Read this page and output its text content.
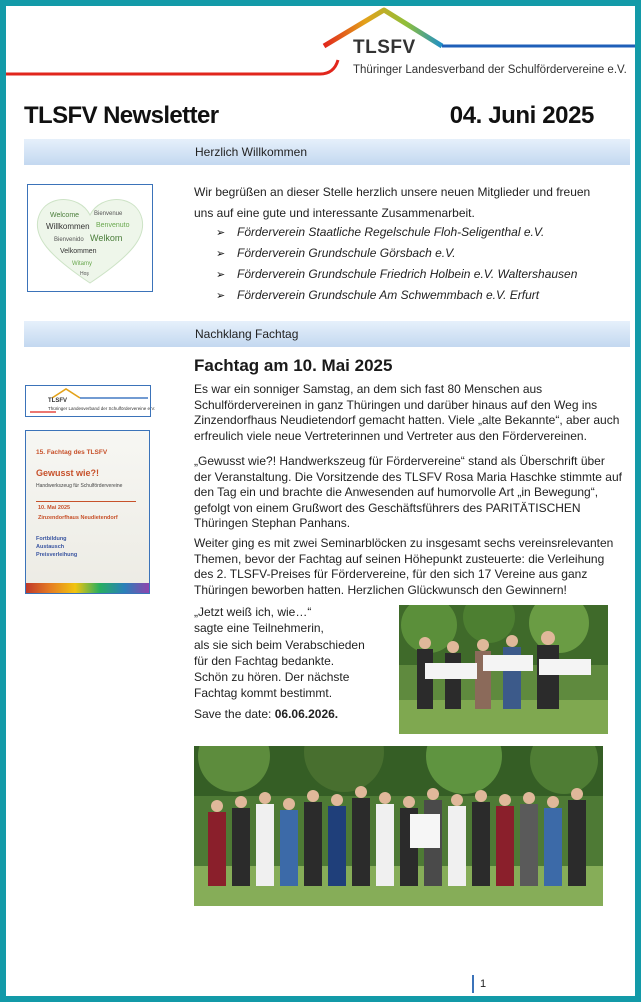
TLSFV
Thüringer Landesverband der Schulfördervereine e.V.
TLSFV Newsletter	04. Juni 2025
Herzlich Willkommen
Welcome Bienvenue
Willkommen Benvenuto
Bienvenido Welkom
Velkommen
Witamy
Hoş
Wir begrüßen an dieser Stelle herzlich unsere neuen Mitglieder und freuen
uns auf eine gute und interessante Zusammenarbeit.
➢ Förderverein Staatliche Regelschule Floh-Seligenthal e.V.
➢ Förderverein Grundschule Görsbach e.V.
➢ Förderverein Grundschule Friedrich Holbein e.V. Waltershausen
➢ Förderverein Grundschule Am Schwemmbach e.V. Erfurt
Nachklang Fachtag
Fachtag am 10. Mai 2025

Es war ein sonniger Samstag, an dem sich fast 80 Menschen aus Schulfördervereinen in ganz Thüringen und darüber hinaus auf den Weg ins Zinzendorfhaus Neudietendorf gemacht hatten. Viele „alte Bekannte“, aber auch erfreulich viele neue Vertreterinnen und Vertreter aus den Fördervereinen.

„Gewusst wie?! Handwerkszeug für Fördervereine“ stand als Überschrift über der Veranstaltung. Die Vorsitzende des TLSFV Rosa Maria Haschke stimmte auf den Tag ein und brachte die Anwesenden auf humorvolle Art „in Bewegung“, gefolgt von einem Grußwort des Geschäftsführers des PARITÄTISCHEN Thüringen Stephan Panhans.

Weiter ging es mit zwei Seminarblöcken zu insgesamt sechs vereinsrelevanten Themen, bevor der Fachtag auf seinen Höhepunkt zusteuerte: die Verleihung des 2. TLSFV-Preises für Fördervereine, für den sich 17 Vereine aus ganz Thüringen beworben hatten. Herzlichen Glückwunsch den Gewinnern!

„Jetzt weiß ich, wie…“
sagte eine Teilnehmerin,
als sie sich beim Verabschieden
für den Fachtag bedankte.
Schön zu hören. Der nächste
Fachtag kommt bestimmt.
Save the date: 06.06.2026.
TLSFV
Thüringer Landesverband der Schulfördervereine e.V.
15. Fachtag des TLSFV
Gewusst wie?!
Handwerkszeug für Schulfördervereine
10. Mai 2025
Zinzendorfhaus Neudietendorf
Fortbildung
Austausch
Preisverleihung
1
